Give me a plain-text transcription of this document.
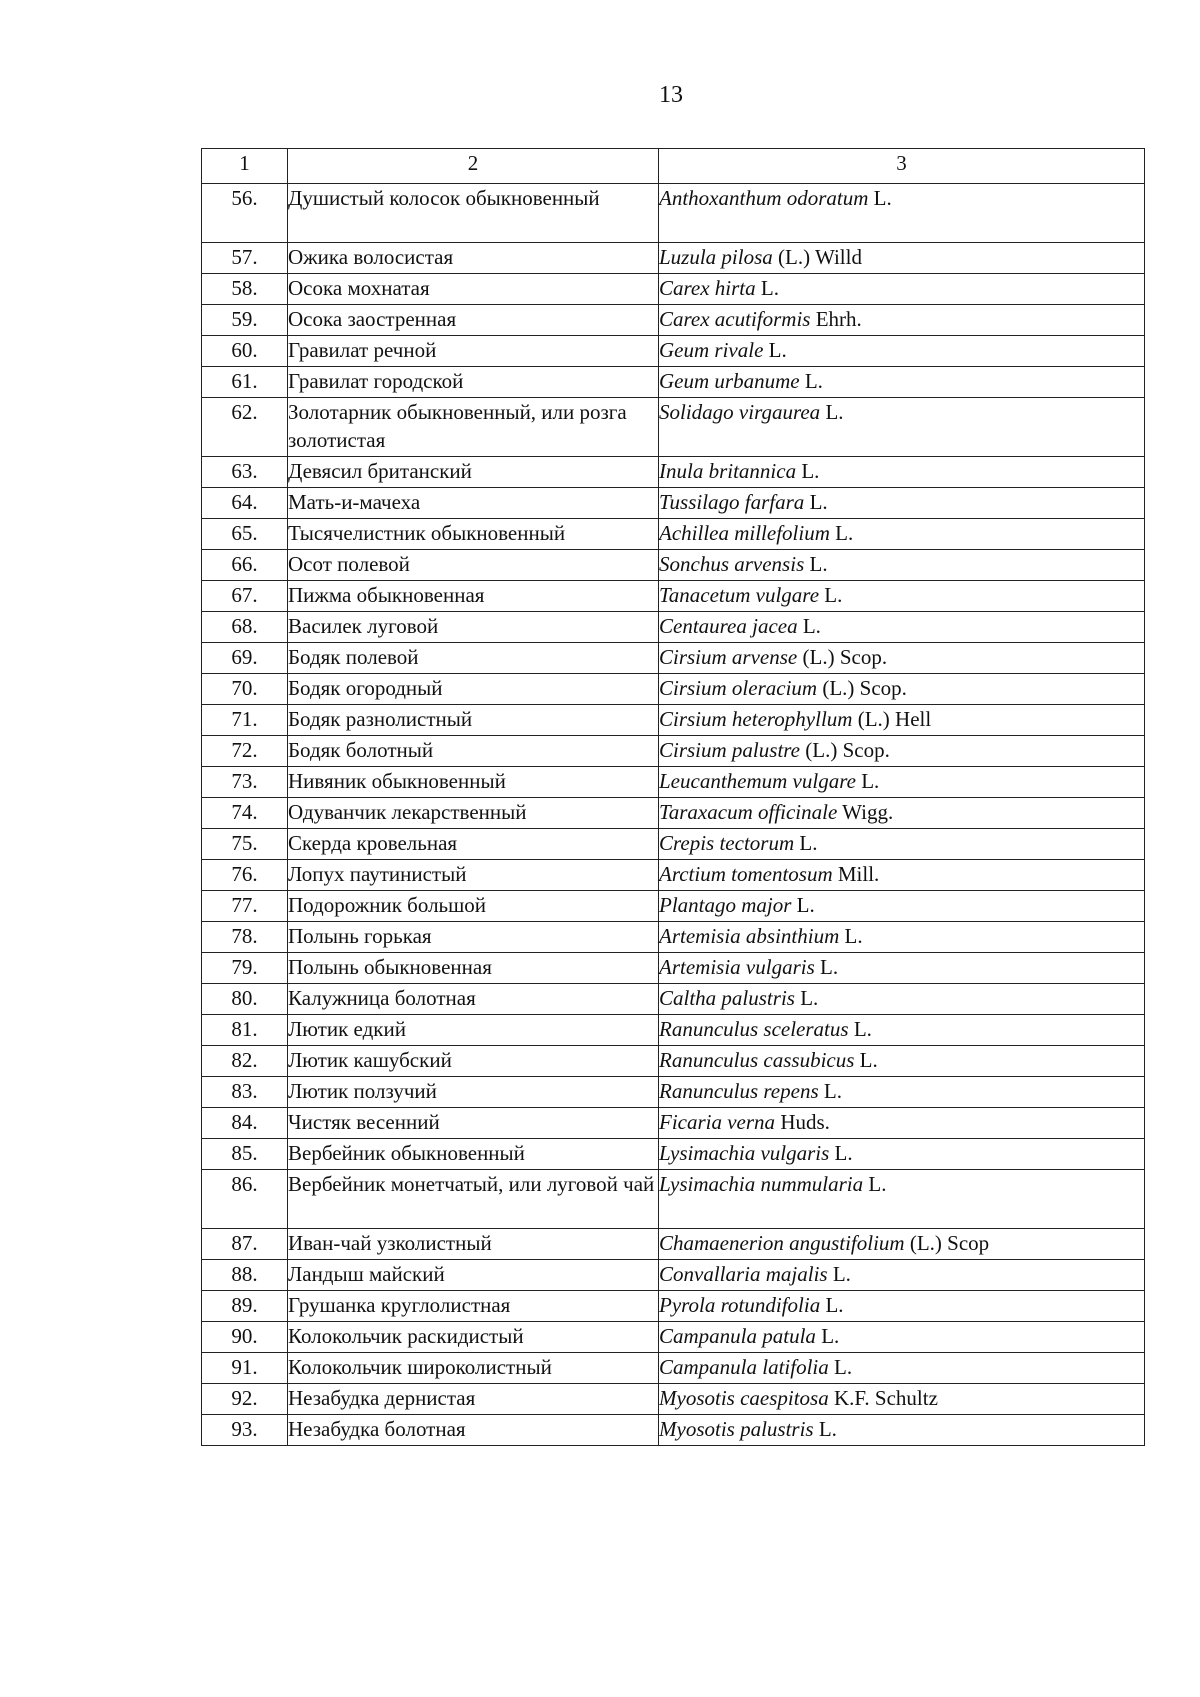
13
1	2	3
56.	Душистый колосок обыкновенный	Anthoxanthum odoratum L.
57.	Ожика волосистая	Luzula pilosa (L.) Willd
58.	Осока мохнатая	Carex hirta L.
59.	Осока заостренная	Carex acutiformis Ehrh.
60.	Гравилат речной	Geum rivale L.
61.	Гравилат городской	Geum urbanume L.
62.	Золотарник обыкновенный, или розга золотистая	Solidago virgaurea L.
63.	Девясил британский	Inula britannica L.
64.	Мать-и-мачеха	Tussilago farfara L.
65.	Тысячелистник обыкновенный	Achillea millefolium L.
66.	Осот полевой	Sonchus arvensis L.
67.	Пижма обыкновенная	Tanacetum vulgare L.
68.	Василек луговой	Centaurea jacea L.
69.	Бодяк полевой	Cirsium arvense (L.) Scop.
70.	Бодяк огородный	Cirsium oleracium (L.) Scop.
71.	Бодяк разнолистный	Cirsium heterophyllum (L.) Hell
72.	Бодяк болотный	Cirsium palustre (L.) Scop.
73.	Нивяник обыкновенный	Leucanthemum vulgare L.
74.	Одуванчик лекарственный	Taraxacum officinale Wigg.
75.	Скерда кровельная	Crepis tectorum L.
76.	Лопух паутинистый	Arctium tomentosum Mill.
77.	Подорожник большой	Plantago major L.
78.	Полынь горькая	Artemisia absinthium L.
79.	Полынь обыкновенная	Artemisia vulgaris L.
80.	Калужница болотная	Caltha palustris L.
81.	Лютик едкий	Ranunculus sceleratus L.
82.	Лютик кашубский	Ranunculus cassubicus L.
83.	Лютик ползучий	Ranunculus repens L.
84.	Чистяк весенний	Ficaria verna Huds.
85.	Вербейник обыкновенный	Lysimachia vulgaris L.
86.	Вербейник монетчатый, или луговой чай	Lysimachia nummularia L.
87.	Иван-чай узколистный	Chamaenerion angustifolium (L.) Scop
88.	Ландыш майский	Convallaria majalis L.
89.	Грушанка круглолистная	Pyrola rotundifolia L.
90.	Колокольчик раскидистый	Campanula patula L.
91.	Колокольчик широколистный	Campanula latifolia L.
92.	Незабудка дернистая	Myosotis caespitosa K.F. Schultz
93.	Незабудка болотная	Myosotis palustris L.
